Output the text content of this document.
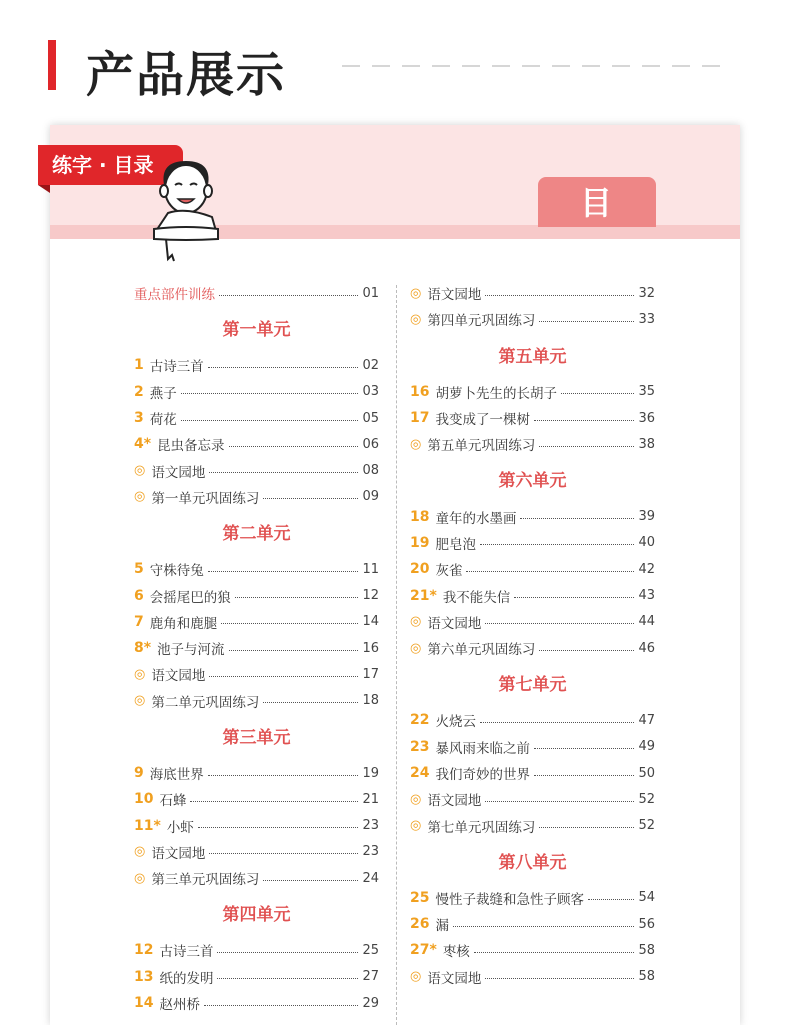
产品展示
练字 · 目录
目 录
重点部件训练	01
第一单元
1 古诗三首	02
2 燕子	03
3 荷花	05
4* 昆虫备忘录	06
◎ 语文园地	08
◎ 第一单元巩固练习	09
第二单元
5 守株待兔	11
6 会摇尾巴的狼	12
7 鹿角和鹿腿	14
8* 池子与河流	16
◎ 语文园地	17
◎ 第二单元巩固练习	18
第三单元
9 海底世界	19
10 石蜂	21
11* 小虾	23
◎ 语文园地	23
◎ 第三单元巩固练习	24
第四单元
12 古诗三首	25
13 纸的发明	27
14 赵州桥	29
◎ 语文园地	32
◎ 第四单元巩固练习	33
第五单元
16 胡萝卜先生的长胡子	35
17 我变成了一棵树	36
◎ 第五单元巩固练习	38
第六单元
18 童年的水墨画	39
19 肥皂泡	40
20 灰雀	42
21* 我不能失信	43
◎ 语文园地	44
◎ 第六单元巩固练习	46
第七单元
22 火烧云	47
23 暴风雨来临之前	49
24 我们奇妙的世界	50
◎ 语文园地	52
◎ 第七单元巩固练习	52
第八单元
25 慢性子裁缝和急性子顾客	54
26 漏	56
27* 枣核	58
◎ 语文园地	58
